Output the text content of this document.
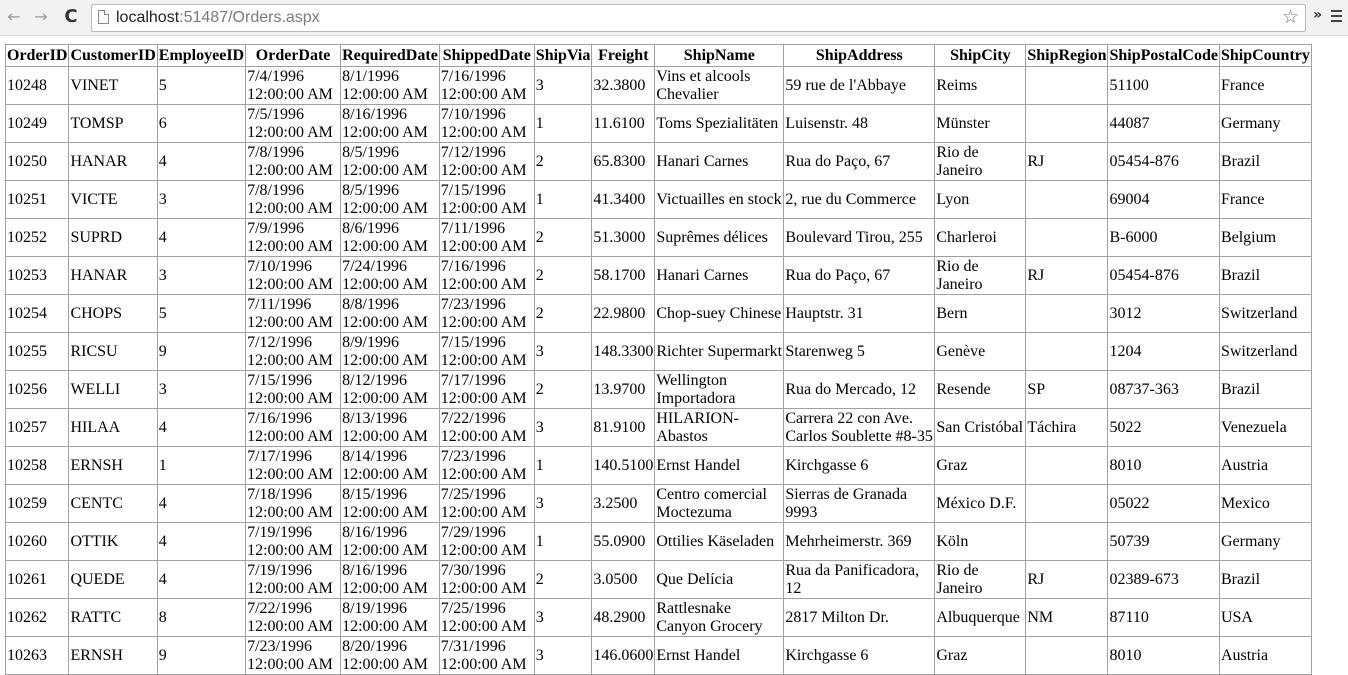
← → C localhost:51487/Orders.aspx	☆ »
OrderID	CustomerID	EmployeeID	OrderDate	RequiredDate	ShippedDate	ShipVia	Freight	ShipName	ShipAddress	ShipCity	ShipRegion	ShipPostalCode	ShipCountry
10248	VINET	5	7/4/1996 12:00:00 AM	8/1/1996 12:00:00 AM	7/16/1996 12:00:00 AM	3	32.3800	Vins et alcools Chevalier	59 rue de l'Abbaye	Reims		51100	France
10249	TOMSP	6	7/5/1996 12:00:00 AM	8/16/1996 12:00:00 AM	7/10/1996 12:00:00 AM	1	11.6100	Toms Spezialitäten	Luisenstr. 48	Münster		44087	Germany
10250	HANAR	4	7/8/1996 12:00:00 AM	8/5/1996 12:00:00 AM	7/12/1996 12:00:00 AM	2	65.8300	Hanari Carnes	Rua do Paço, 67	Rio de Janeiro	RJ	05454-876	Brazil
10251	VICTE	3	7/8/1996 12:00:00 AM	8/5/1996 12:00:00 AM	7/15/1996 12:00:00 AM	1	41.3400	Victuailles en stock	2, rue du Commerce	Lyon		69004	France
10252	SUPRD	4	7/9/1996 12:00:00 AM	8/6/1996 12:00:00 AM	7/11/1996 12:00:00 AM	2	51.3000	Suprêmes délices	Boulevard Tirou, 255	Charleroi		B-6000	Belgium
10253	HANAR	3	7/10/1996 12:00:00 AM	7/24/1996 12:00:00 AM	7/16/1996 12:00:00 AM	2	58.1700	Hanari Carnes	Rua do Paço, 67	Rio de Janeiro	RJ	05454-876	Brazil
10254	CHOPS	5	7/11/1996 12:00:00 AM	8/8/1996 12:00:00 AM	7/23/1996 12:00:00 AM	2	22.9800	Chop-suey Chinese	Hauptstr. 31	Bern		3012	Switzerland
10255	RICSU	9	7/12/1996 12:00:00 AM	8/9/1996 12:00:00 AM	7/15/1996 12:00:00 AM	3	148.3300	Richter Supermarkt	Starenweg 5	Genève		1204	Switzerland
10256	WELLI	3	7/15/1996 12:00:00 AM	8/12/1996 12:00:00 AM	7/17/1996 12:00:00 AM	2	13.9700	Wellington Importadora	Rua do Mercado, 12	Resende	SP	08737-363	Brazil
10257	HILAA	4	7/16/1996 12:00:00 AM	8/13/1996 12:00:00 AM	7/22/1996 12:00:00 AM	3	81.9100	HILARION-Abastos	Carrera 22 con Ave. Carlos Soublette #8-35	San Cristóbal	Táchira	5022	Venezuela
10258	ERNSH	1	7/17/1996 12:00:00 AM	8/14/1996 12:00:00 AM	7/23/1996 12:00:00 AM	1	140.5100	Ernst Handel	Kirchgasse 6	Graz		8010	Austria
10259	CENTC	4	7/18/1996 12:00:00 AM	8/15/1996 12:00:00 AM	7/25/1996 12:00:00 AM	3	3.2500	Centro comercial Moctezuma	Sierras de Granada 9993	México D.F.		05022	Mexico
10260	OTTIK	4	7/19/1996 12:00:00 AM	8/16/1996 12:00:00 AM	7/29/1996 12:00:00 AM	1	55.0900	Ottilies Käseladen	Mehrheimerstr. 369	Köln		50739	Germany
10261	QUEDE	4	7/19/1996 12:00:00 AM	8/16/1996 12:00:00 AM	7/30/1996 12:00:00 AM	2	3.0500	Que Delícia	Rua da Panificadora, 12	Rio de Janeiro	RJ	02389-673	Brazil
10262	RATTC	8	7/22/1996 12:00:00 AM	8/19/1996 12:00:00 AM	7/25/1996 12:00:00 AM	3	48.2900	Rattlesnake Canyon Grocery	2817 Milton Dr.	Albuquerque	NM	87110	USA
10263	ERNSH	9	7/23/1996 12:00:00 AM	8/20/1996 12:00:00 AM	7/31/1996 12:00:00 AM	3	146.0600	Ernst Handel	Kirchgasse 6	Graz		8010	Austria
